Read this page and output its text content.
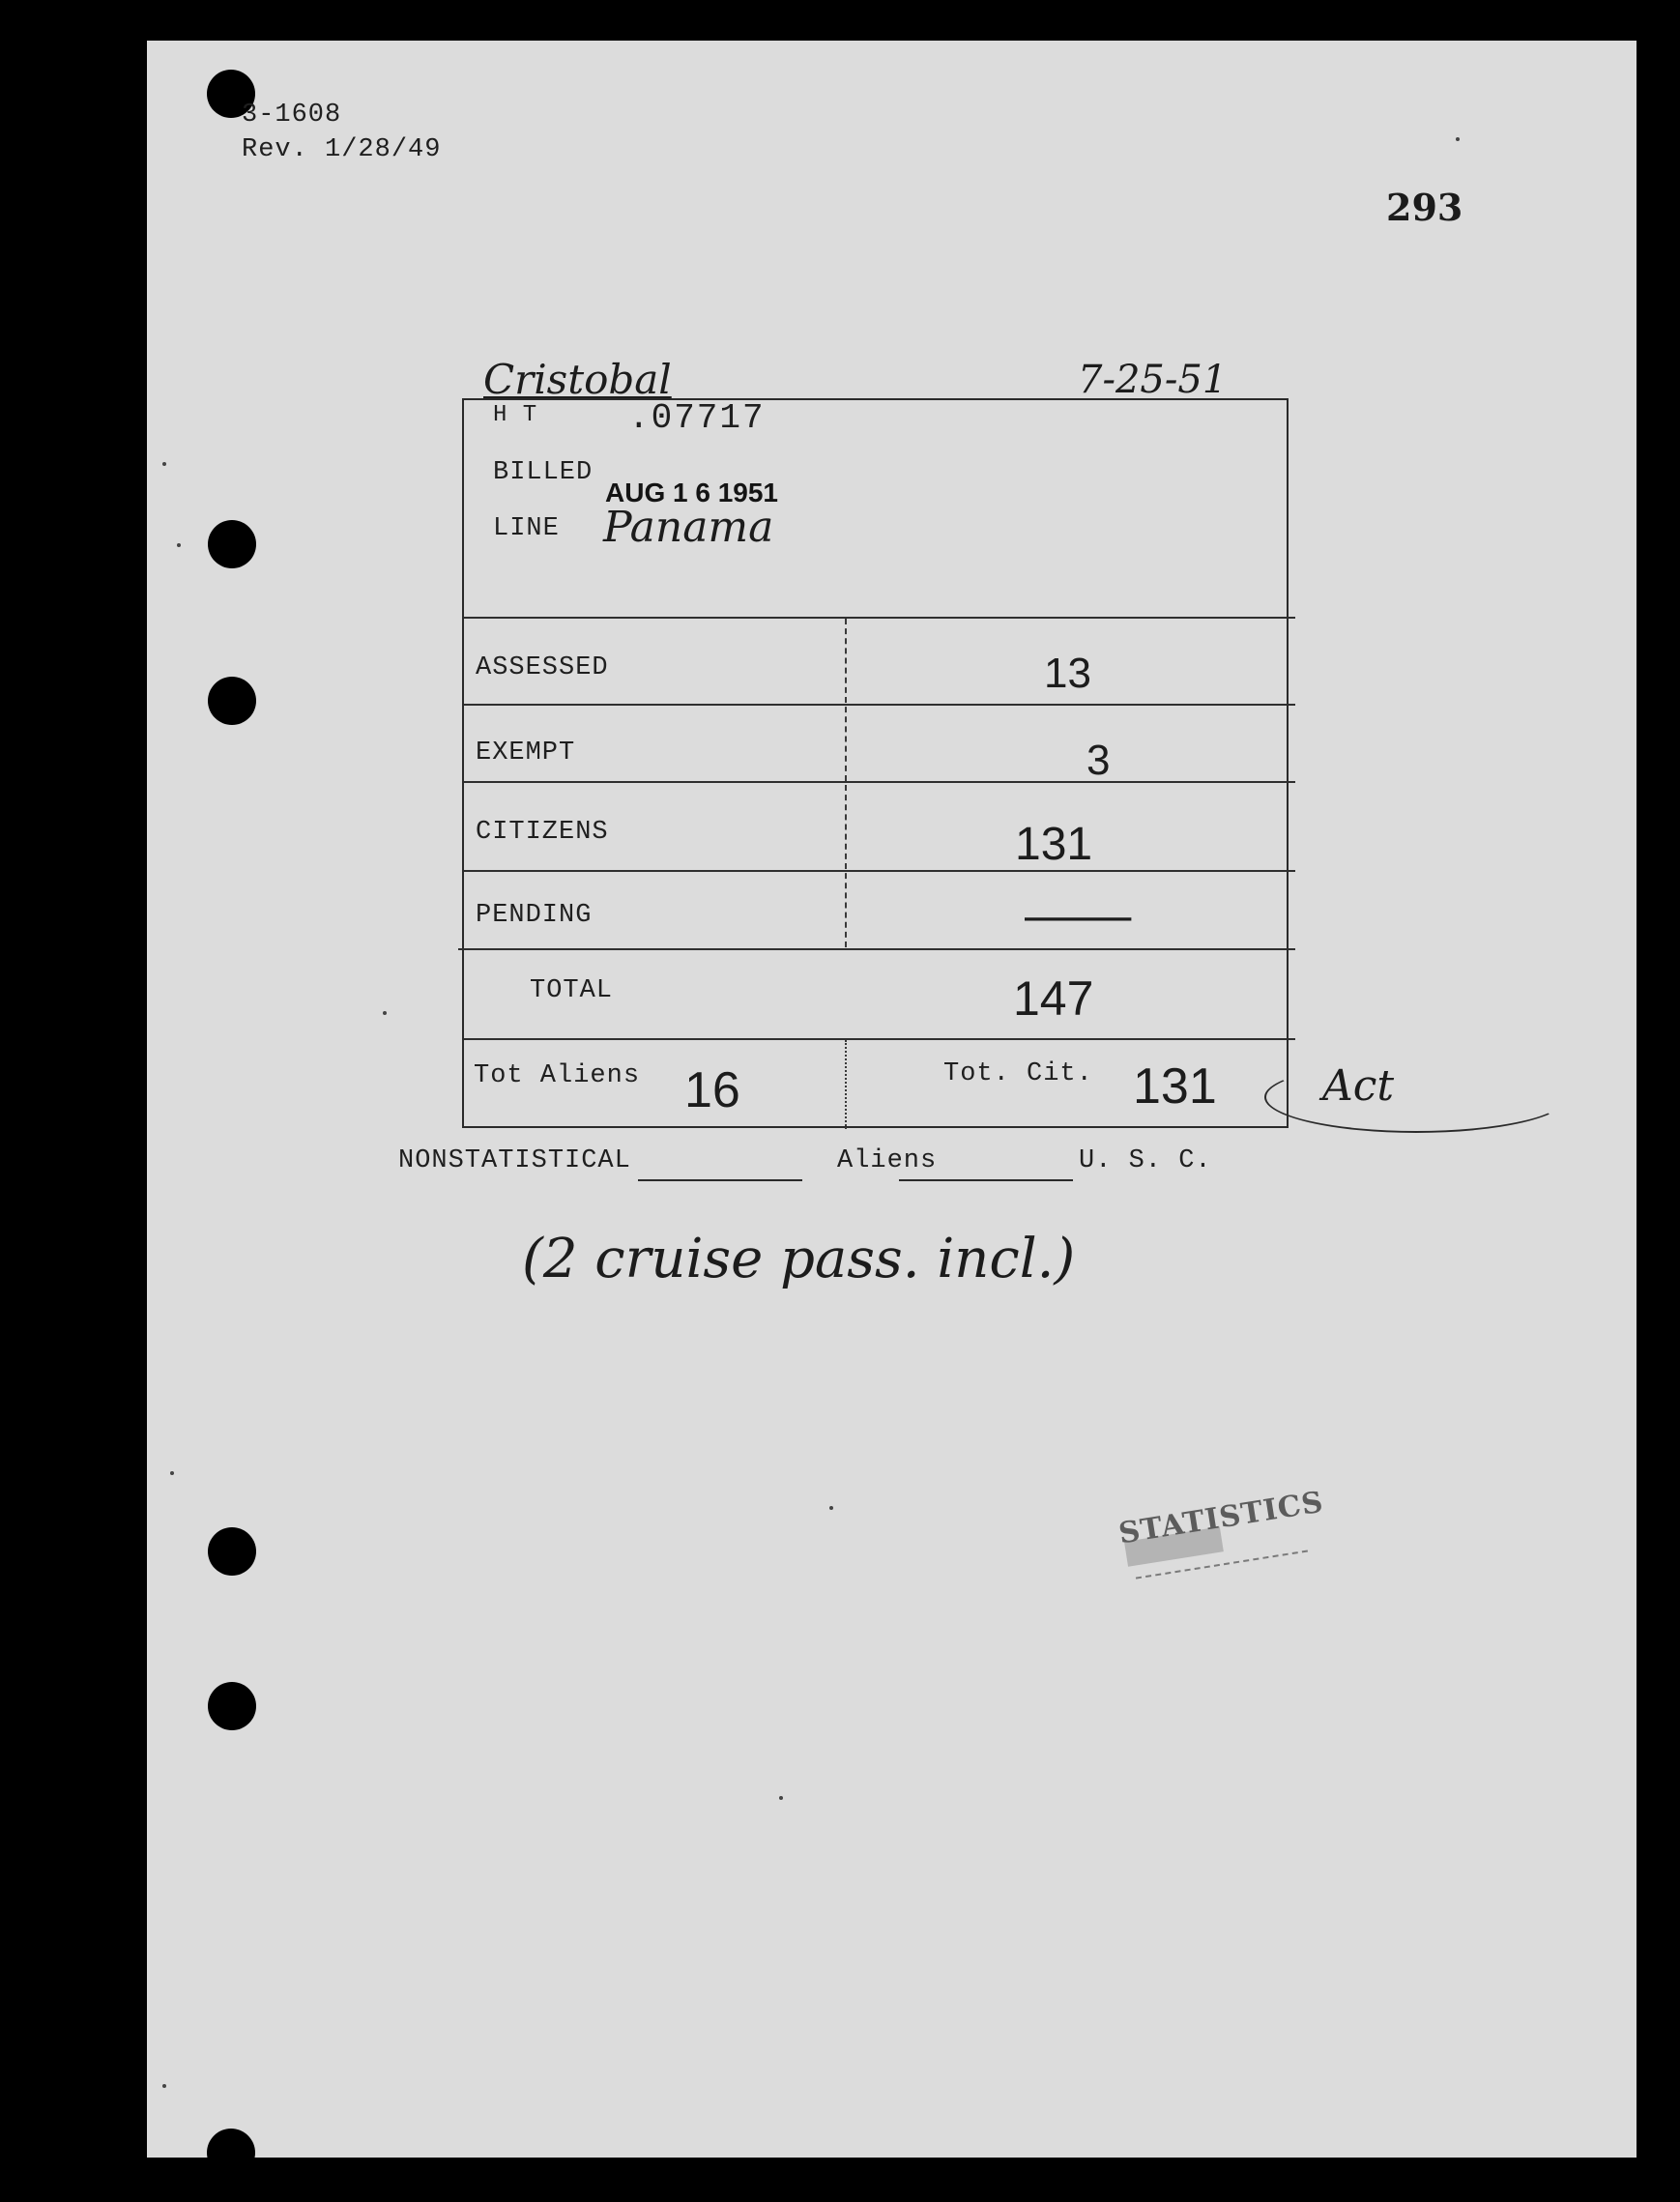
3-1608
Rev. 1/28/49
293
Cristobal	7-25-51
H T	.07717
BILLED
AUG 1 6 1951
LINE Panama
ASSESSED	13
EXEMPT	3
CITIZENS	131
PENDING	—
TOTAL	147
Tot Aliens 16	Tot. Cit. 131 Act
NONSTATISTICAL	Aliens	U. S. C.
(2 cruise pass. incl.)
STATISTICS
